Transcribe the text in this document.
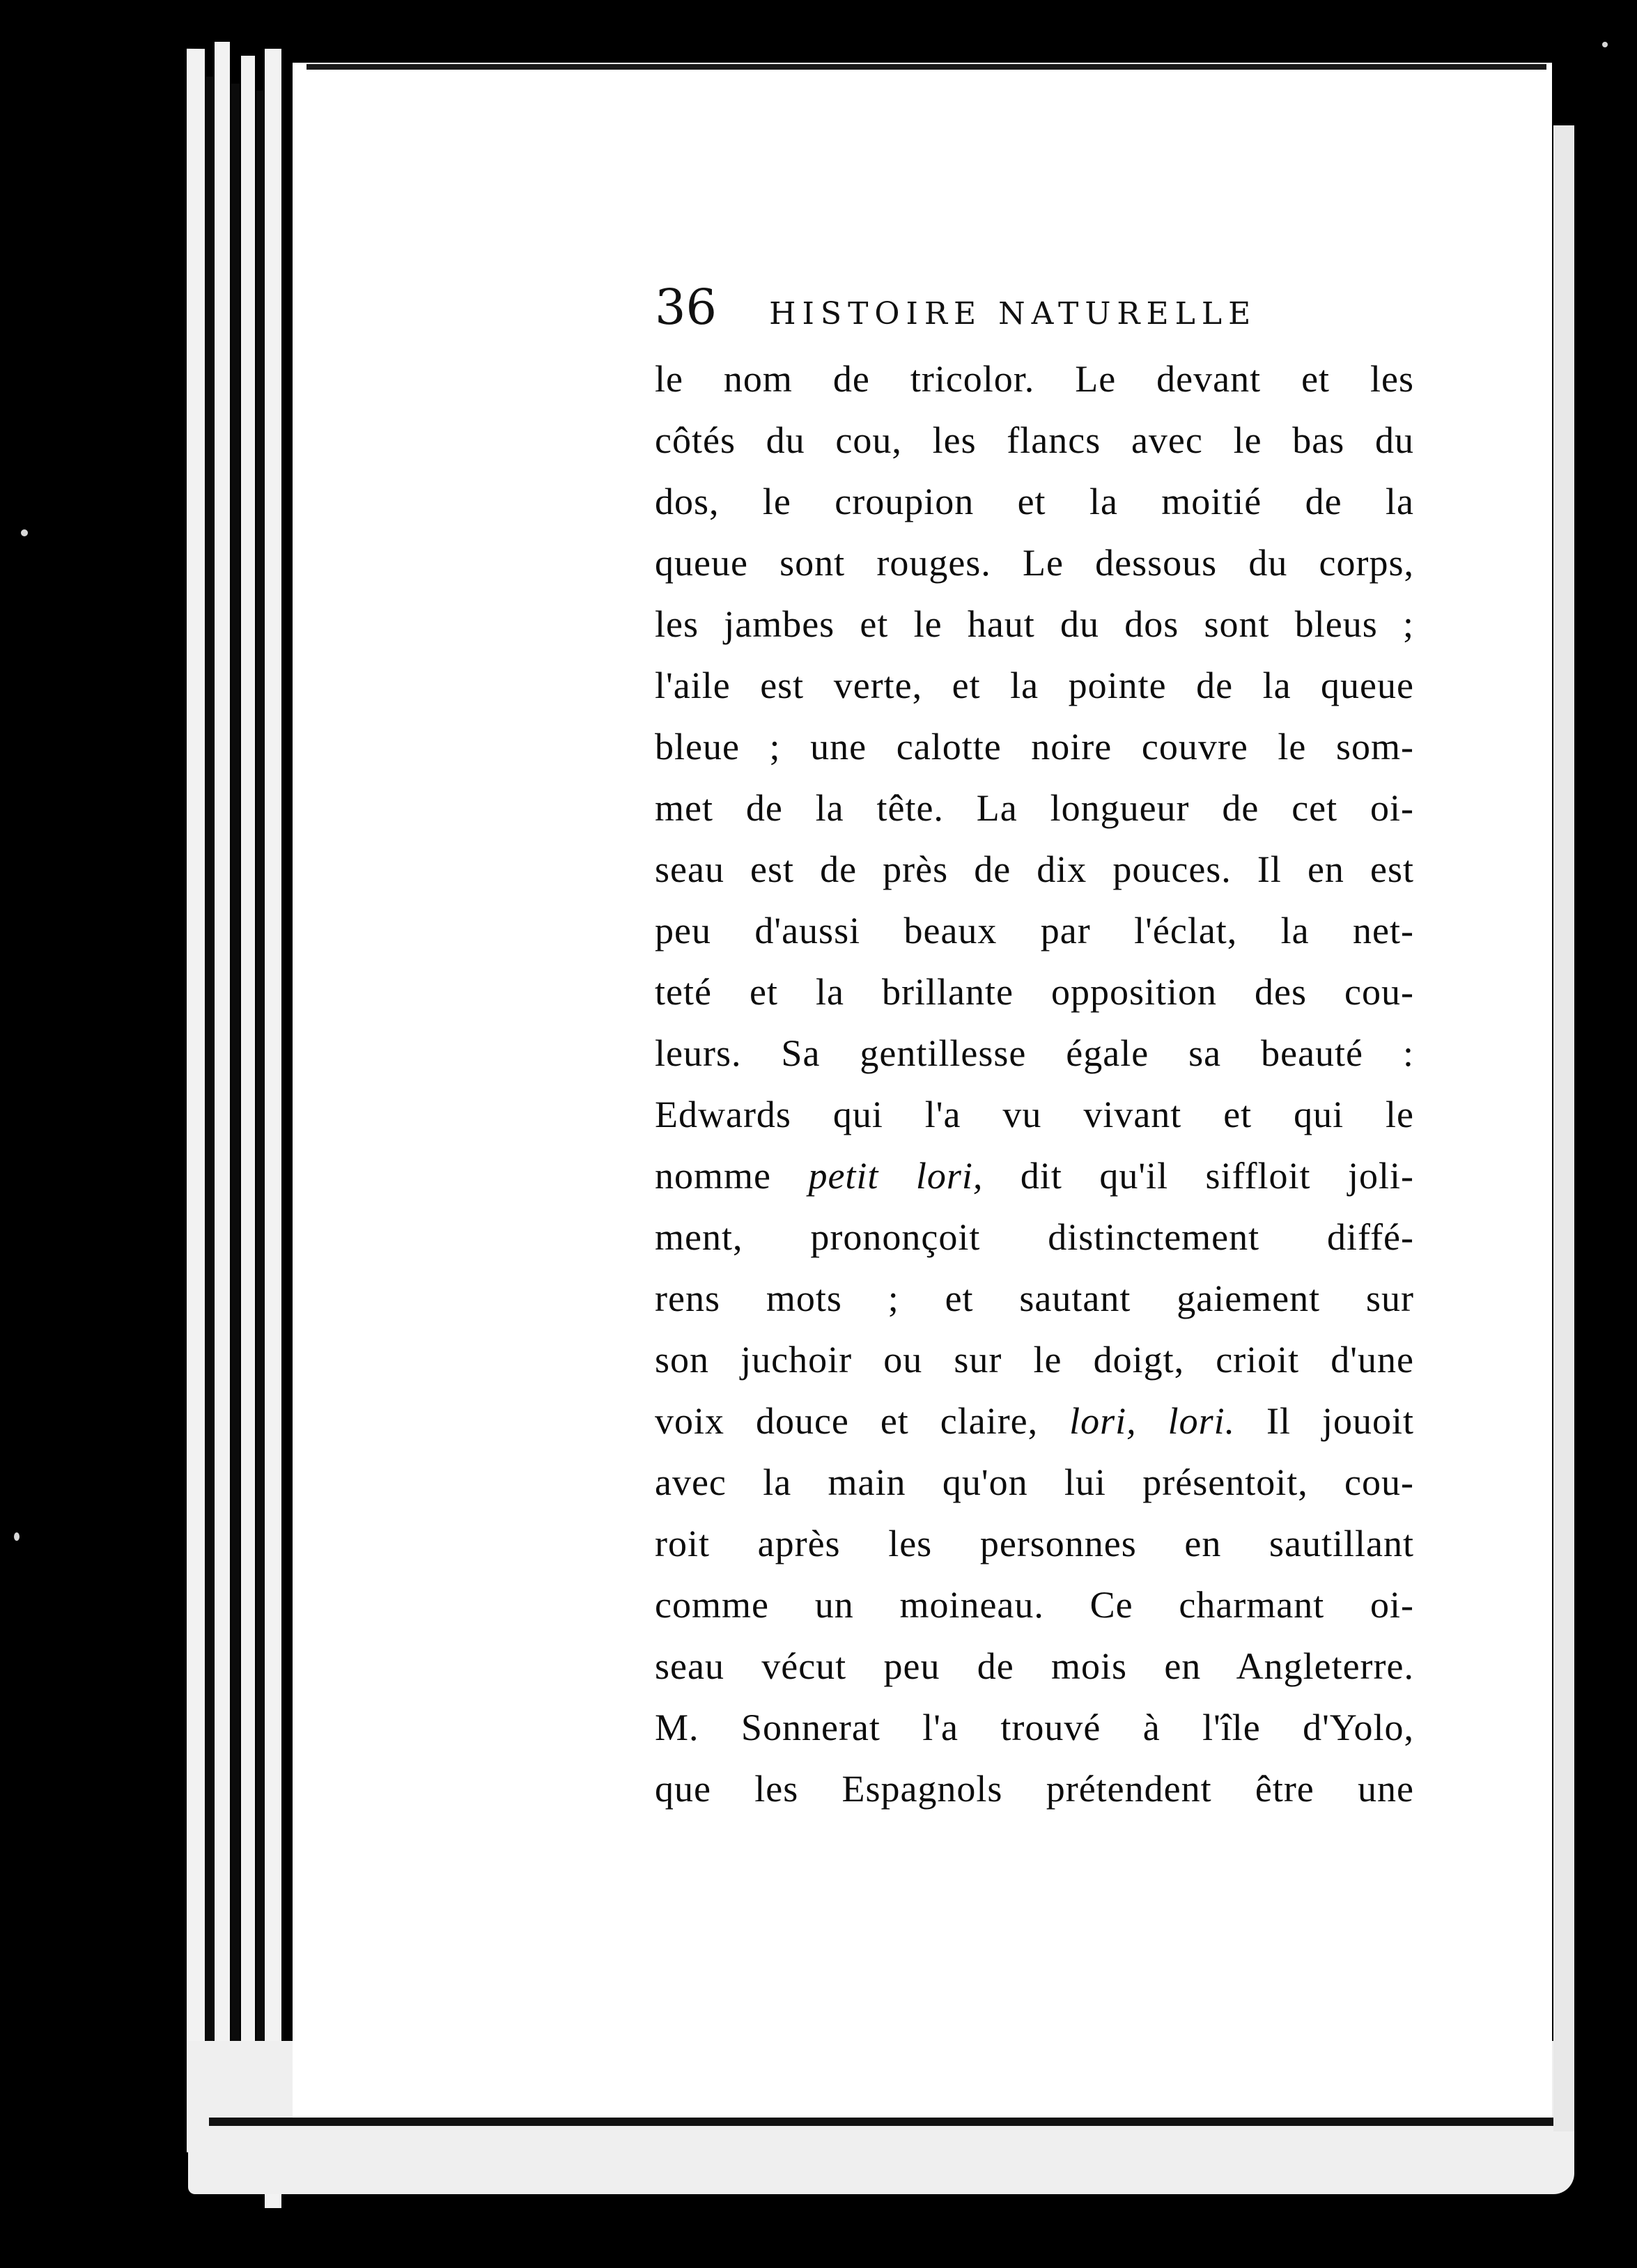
36 HISTOIRE NATURELLE
le nom de tricolor. Le devant et les
côtés du cou, les flancs avec le bas du
dos, le croupion et la moitié de la
queue sont rouges. Le dessous du corps,
les jambes et le haut du dos sont bleus ;
l'aile est verte, et la pointe de la queue
bleue ; une calotte noire couvre le som-
met de la tête. La longueur de cet oi-
seau est de près de dix pouces. Il en est
peu d'aussi beaux par l'éclat, la net-
teté et la brillante opposition des cou-
leurs. Sa gentillesse égale sa beauté :
Edwards qui l'a vu vivant et qui le
nomme petit lori, dit qu'il siffloit joli-
ment, prononçoit distinctement diffé-
rens mots ; et sautant gaiement sur
son juchoir ou sur le doigt, crioit d'une
voix douce et claire, lori, lori. Il jouoit
avec la main qu'on lui présentoit, cou-
roit après les personnes en sautillant
comme un moineau. Ce charmant oi-
seau vécut peu de mois en Angleterre.
M. Sonnerat l'a trouvé à l'île d'Yolo,
que les Espagnols prétendent être une
